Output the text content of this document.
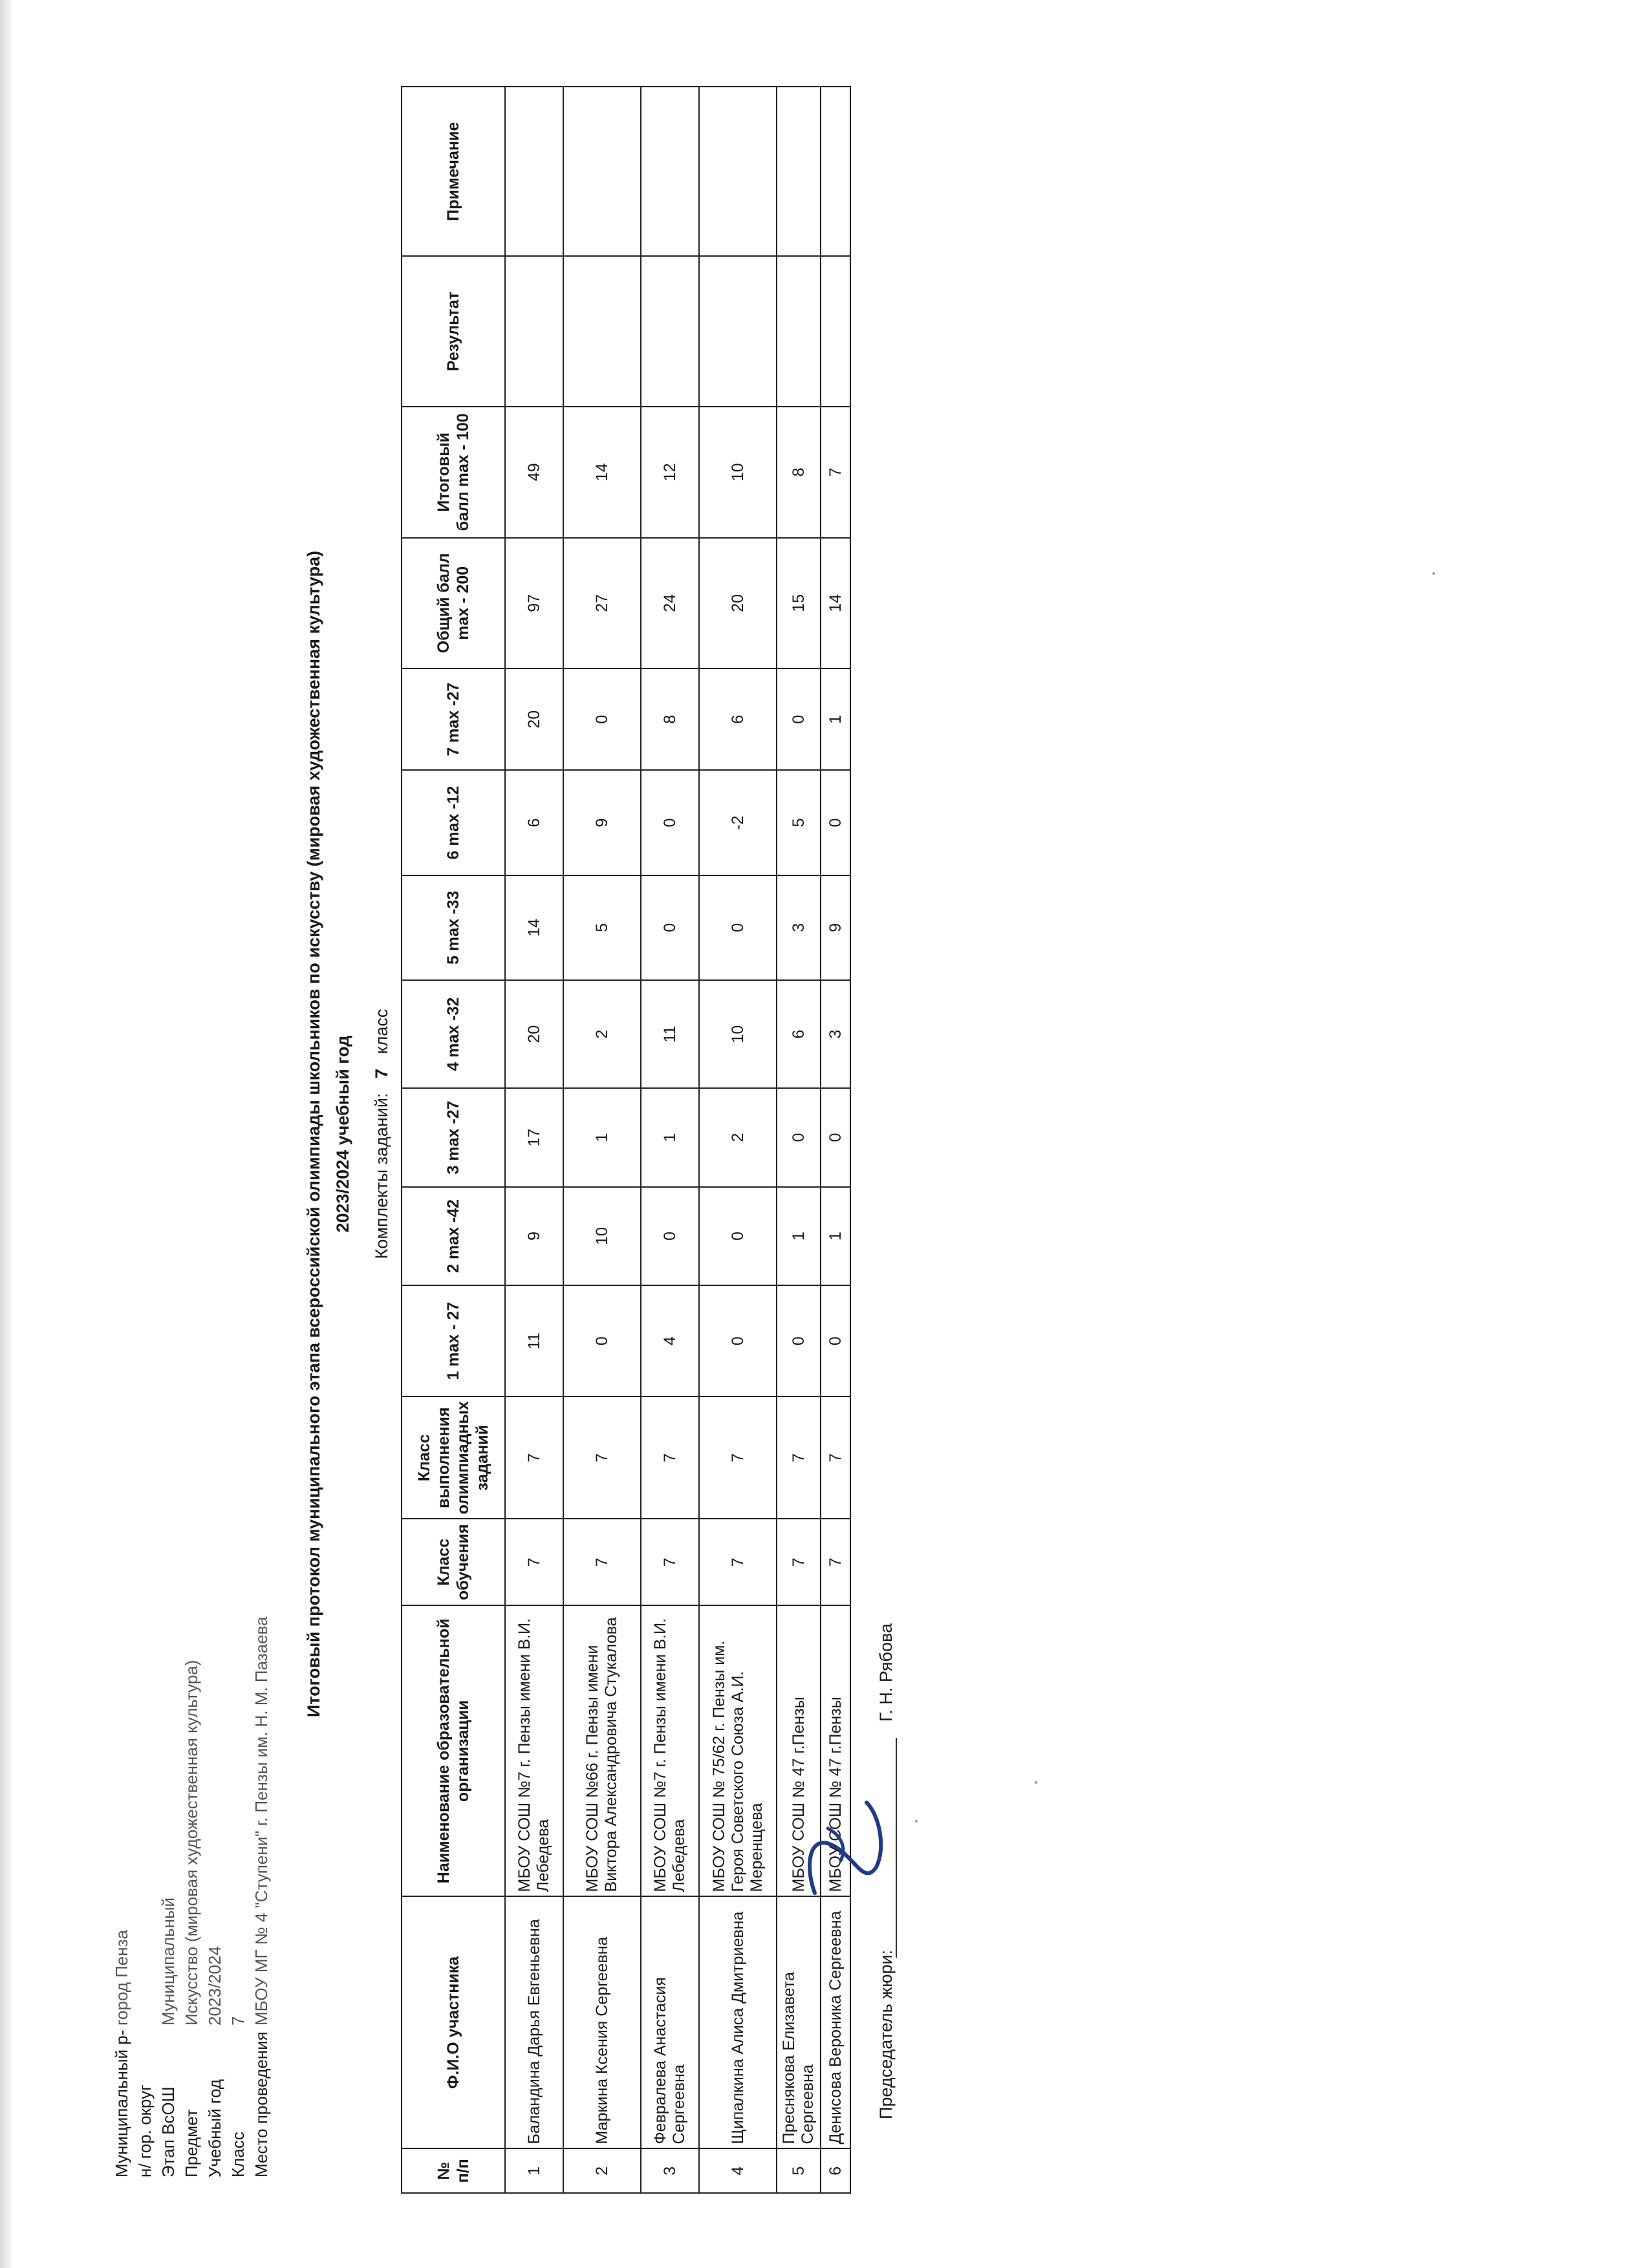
Муниципальный р-н/ гор. округ
город Пенза
Этап ВсОШ
Муниципальный
Предмет
Искусство (мировая художественная культура)
Учебный год
2023/2024
Класс
7
Место проведения
МБОУ МГ № 4 "Ступени" г. Пензы им. Н. М. Пазаева
Итоговый протокол муниципального этапа всероссийской олимпиады школьников по искусству (мировая художественная культура) 2023/2024 учебный год Комплекты заданий:   7   класс
№ п/п	Ф.И.О участника	Наименование образовательной организации	Класс обучения	Класс выполнения олимпиадных заданий	1 max - 27	2 max -42	3 max -27	4 max -32	5 max -33	6 max -12	7 max -27	Общий балл max - 200	Итоговый балл max - 100	Результат	Примечание
1	Баландина Дарья Евгеньевна	МБОУ СОШ №7 г. Пензы имени В.И. Лебедева	7	7	11	9	17	20	14	6	20	97	49		
2	Маркина Ксения Сергеевна	МБОУ СОШ №66 г. Пензы имени Виктора Александровича Стукалова	7	7	0	10	1	2	5	9	0	27	14		
3	Февралева Анастасия Сергеевна	МБОУ СОШ №7 г. Пензы имени В.И. Лебедева	7	7	4	0	1	11	0	0	8	24	12		
4	Щипалкина Алиса Дмитриевна	МБОУ СОШ № 75/62 г. Пензы им. Героя Советского Союза А.И. Меренщева	7	7	0	0	2	10	0	-2	6	20	10		
5	Преснякова Елизавета Сергеевна	МБОУ СОШ № 47 г.Пензы	7	7	0	1	0	6	3	5	0	15	8		
6	Денисова Вероника Сергеевна	МБОУ СОШ № 47 г.Пензы	7	7	0	1	0	3	9	0	1	14	7		
Председатель жюри:
Г. Н. Рябова
